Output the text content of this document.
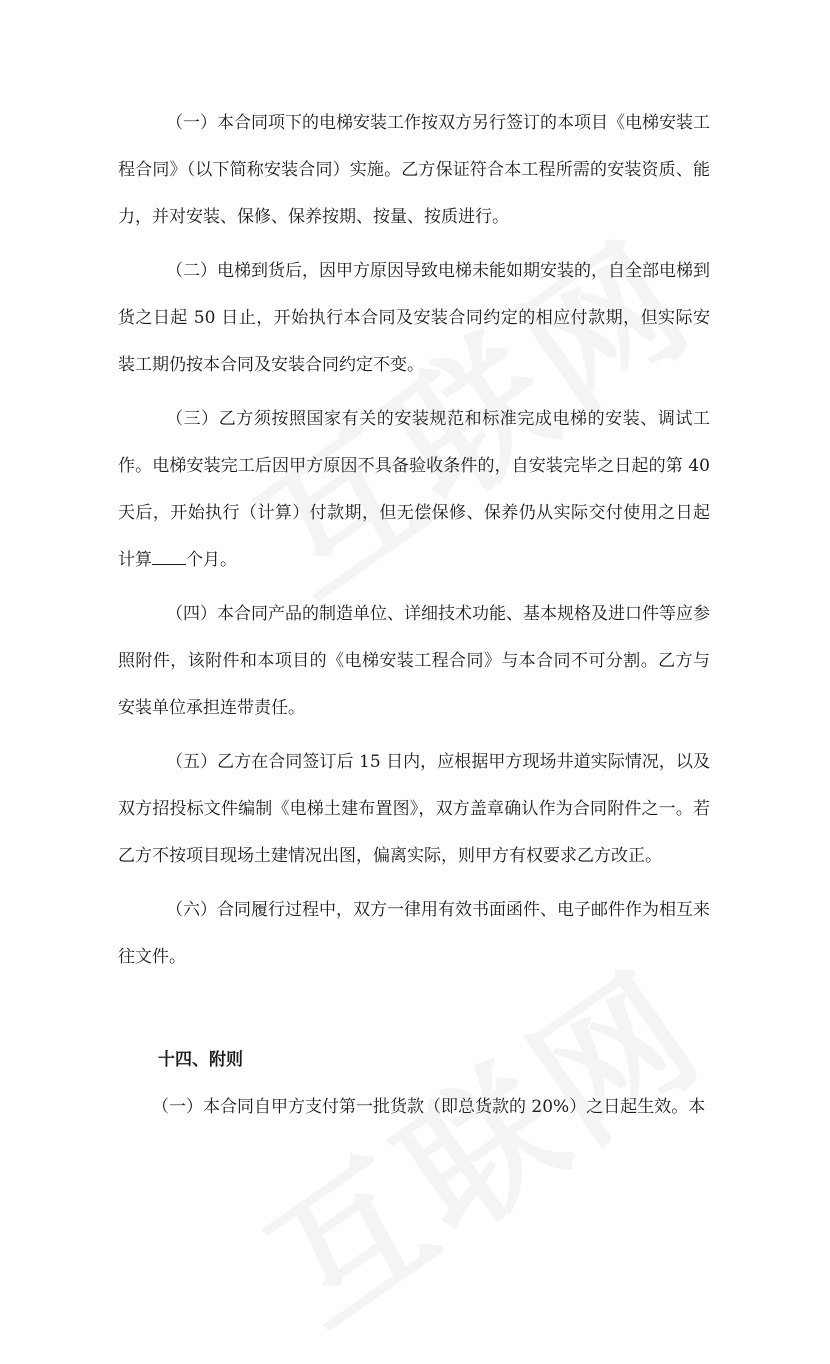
（一）本合同项下的电梯安装工作按双方另行签订的本项目《电梯安装工程合同》（以下简称安装合同）实施。乙方保证符合本工程所需的安装资质、能力，并对安装、保修、保养按期、按量、按质进行。

（二）电梯到货后，因甲方原因导致电梯未能如期安装的，自全部电梯到货之日起 50 日止，开始执行本合同及安装合同约定的相应付款期，但实际安装工期仍按本合同及安装合同约定不变。

（三）乙方须按照国家有关的安装规范和标准完成电梯的安装、调试工作。电梯安装完工后因甲方原因不具备验收条件的，自安装完毕之日起的第 40 天后，开始执行（计算）付款期，但无偿保修、保养仍从实际交付使用之日起计算 个月。

（四）本合同产品的制造单位、详细技术功能、基本规格及进口件等应参照附件，该附件和本项目的《电梯安装工程合同》与本合同不可分割。乙方与安装单位承担连带责任。

（五）乙方在合同签订后 15 日内，应根据甲方现场井道实际情况，以及双方招投标文件编制《电梯土建布置图》，双方盖章确认作为合同附件之一。若乙方不按项目现场土建情况出图，偏离实际，则甲方有权要求乙方改正。

（六）合同履行过程中，双方一律用有效书面函件、电子邮件作为相互来往文件。

十四、附则

（一）本合同自甲方支付第一批货款（即总货款的 20%）之日起生效。本
